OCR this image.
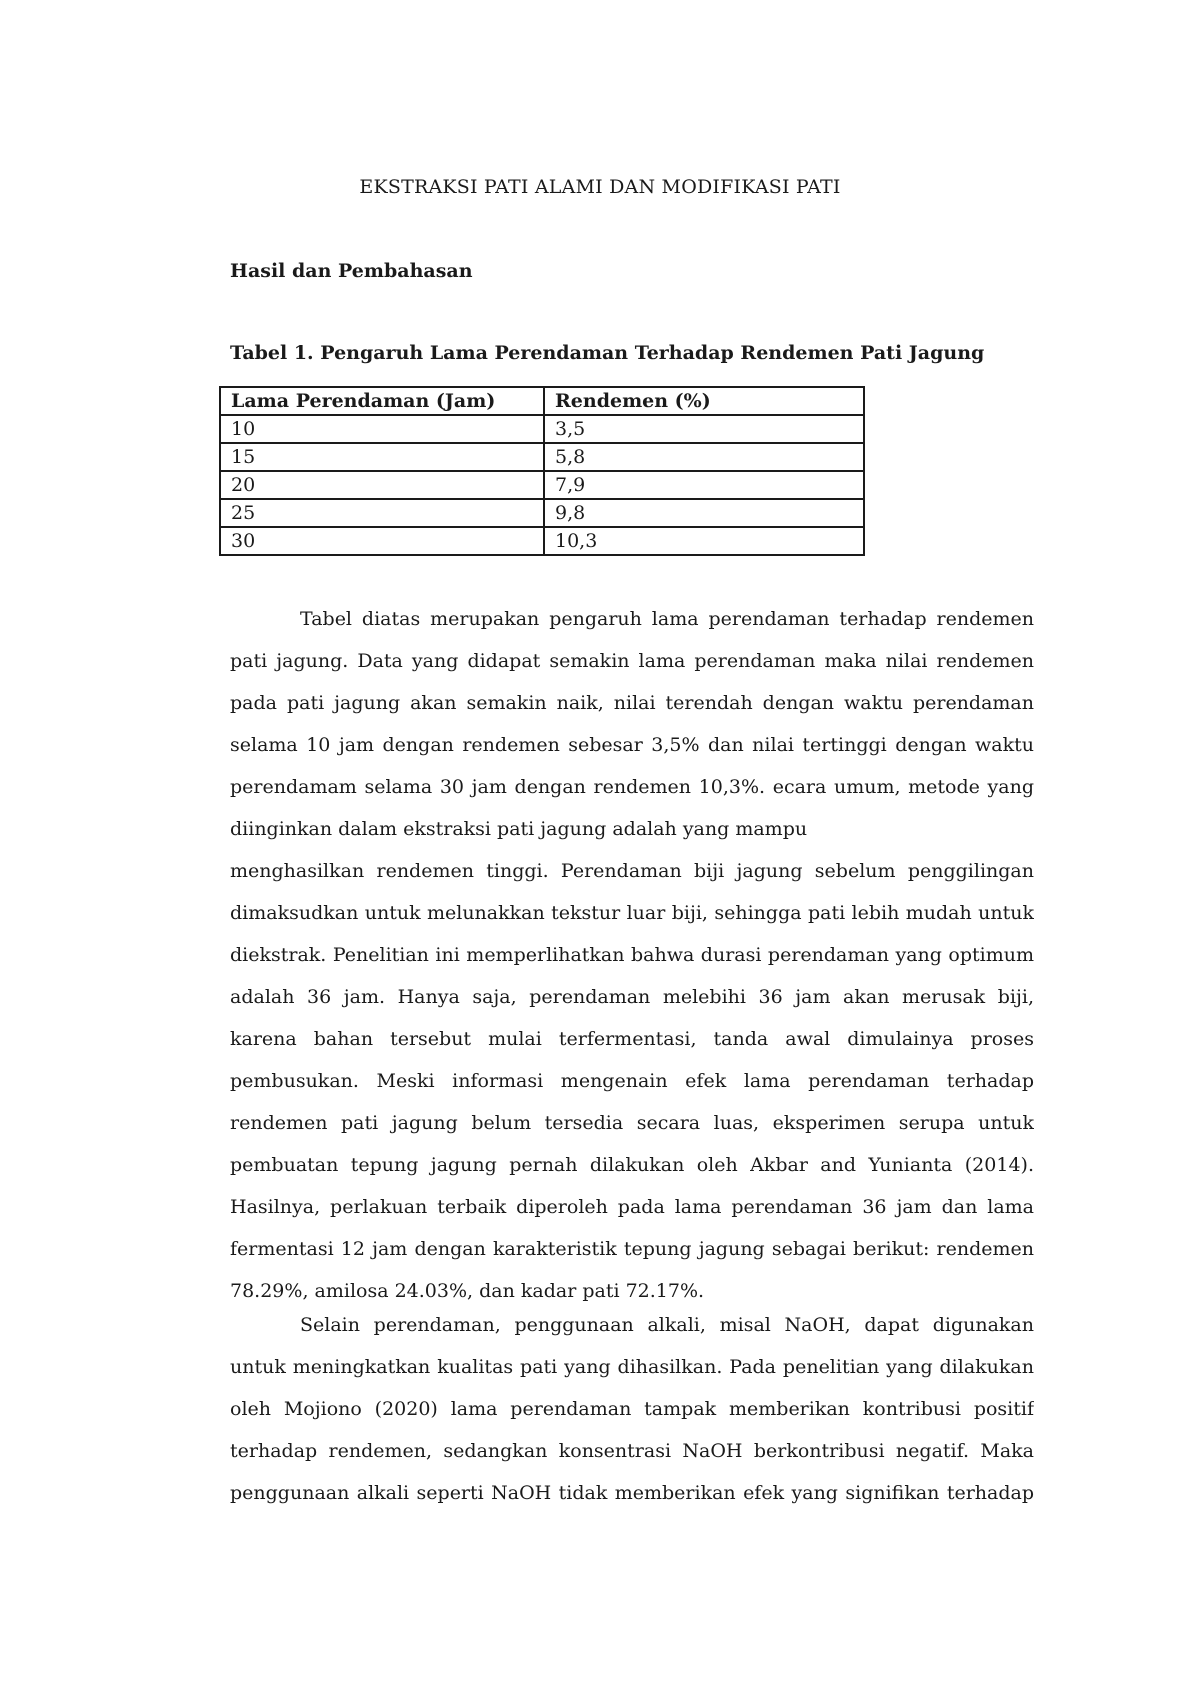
EKSTRAKSI PATI ALAMI DAN MODIFIKASI PATI
Hasil dan Pembahasan
Tabel 1. Pengaruh Lama Perendaman Terhadap Rendemen Pati Jagung
Lama Perendaman (Jam)	Rendemen (%)
10	3,5
15	5,8
20	7,9
25	9,8
30	10,3
Tabel diatas merupakan pengaruh lama perendaman terhadap rendemen
pati jagung. Data yang didapat semakin lama perendaman maka nilai rendemen
pada pati jagung akan semakin naik, nilai terendah dengan waktu perendaman
selama 10 jam dengan rendemen sebesar 3,5% dan nilai tertinggi dengan waktu
perendamam selama 30 jam dengan rendemen 10,3%. ecara umum, metode yang
diinginkan dalam ekstraksi pati jagung adalah yang mampu
menghasilkan rendemen tinggi. Perendaman biji jagung sebelum penggilingan
dimaksudkan untuk melunakkan tekstur luar biji, sehingga pati lebih mudah untuk
diekstrak. Penelitian ini memperlihatkan bahwa durasi perendaman yang optimum
adalah 36 jam. Hanya saja, perendaman melebihi 36 jam akan merusak biji,
karena bahan tersebut mulai terfermentasi, tanda awal dimulainya proses
pembusukan. Meski informasi mengenain efek lama perendaman terhadap
rendemen pati jagung belum tersedia secara luas, eksperimen serupa untuk
pembuatan tepung jagung pernah dilakukan oleh Akbar and Yunianta (2014).
Hasilnya, perlakuan terbaik diperoleh pada lama perendaman 36 jam dan lama
fermentasi 12 jam dengan karakteristik tepung jagung sebagai berikut: rendemen
78.29%, amilosa 24.03%, dan kadar pati 72.17%.
Selain perendaman, penggunaan alkali, misal NaOH, dapat digunakan
untuk meningkatkan kualitas pati yang dihasilkan. Pada penelitian yang dilakukan
oleh Mojiono (2020) lama perendaman tampak memberikan kontribusi positif
terhadap rendemen, sedangkan konsentrasi NaOH berkontribusi negatif. Maka
penggunaan alkali seperti NaOH tidak memberikan efek yang signifikan terhadap
